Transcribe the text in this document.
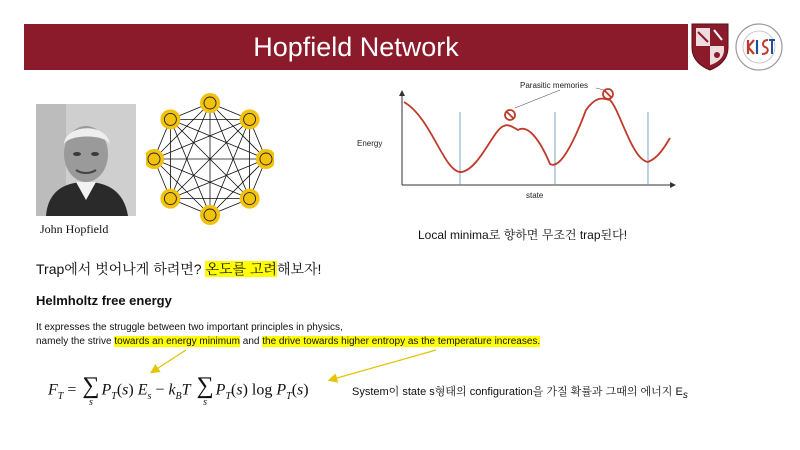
Hopfield Network
John Hopfield
Parasitic memories
Energy
state
Local minima로 향하면 무조건 trap된다!
Trap에서 벗어나게 하려면? 온도를 고려해보자!
Helmholtz free energy
It expresses the struggle between two important principles in physics,
namely the strive towards an energy minimum and the drive towards higher entropy as the temperature increases.
$F_T$ = ∑
s
$P_T(s) E_s - k_BT$ ∑
s
$P_T(s)$ $\log P_T(s)$	System이 state s형태의 configuration을 가질 확률과 그때의 에너지 $E_s$
